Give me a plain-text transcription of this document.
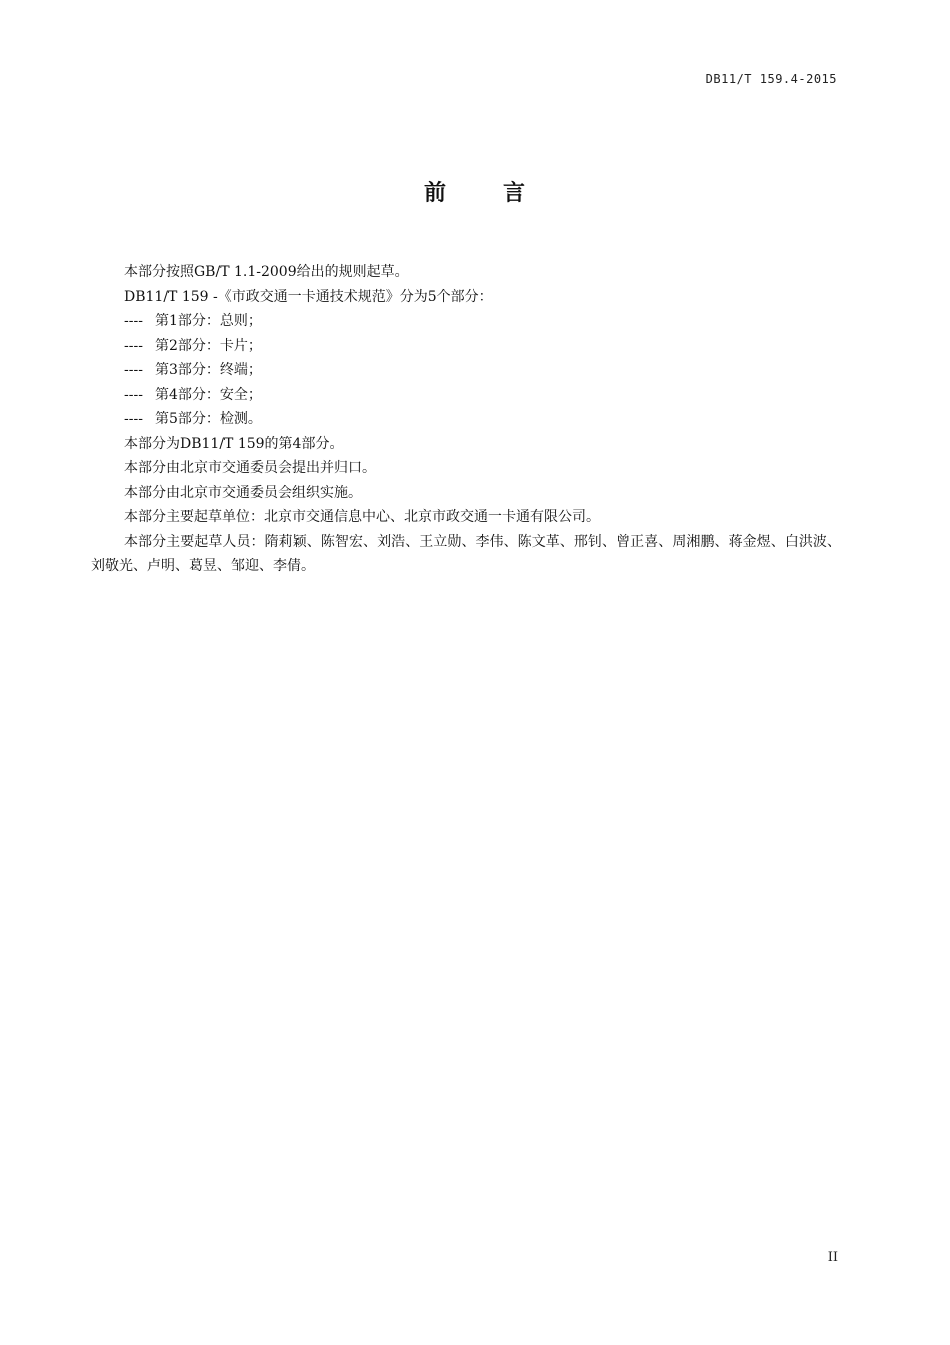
DB11/T 159.4-2015
前	言

本部分按照GB/T 1.1-2009给出的规则起草。

DB11/T 159 -《市政交通一卡通技术规范》分为5个部分：

---- 第1部分：总则；
---- 第2部分：卡片；
---- 第3部分：终端；
---- 第4部分：安全；
---- 第5部分：检测。

本部分为DB11/T 159的第4部分。

本部分由北京市交通委员会提出并归口。

本部分由北京市交通委员会组织实施。

本部分主要起草单位：北京市交通信息中心、北京市政交通一卡通有限公司。

本部分主要起草人员：隋莉颖、陈智宏、刘浩、王立勋、李伟、陈文革、邢钊、曾正喜、周湘鹏、蒋金煜、白洪波、刘敬光、卢明、葛昱、邹迎、李倩。

II
